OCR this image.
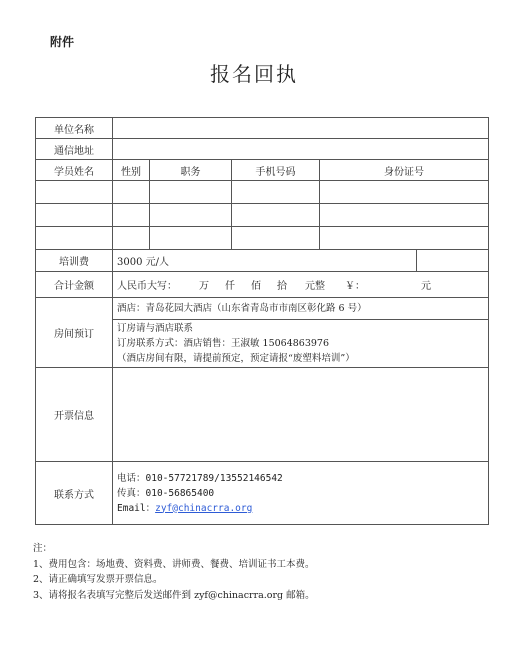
附件
报名回执
单位名称					
通信地址					
学员姓名	性别	职务	手机号码	身份证号	

培训费	3000 元/人				
合计金额	人民币大写： 万 仟 佰 拾 元整 ￥： 元				

房间预订	酒店：青岛花园大酒店（山东省青岛市市南区彰化路 6 号）				

	订房请与酒店联系
订房联系方式：酒店销售：王淑敏 15064863976
（酒店房间有限，请提前预定，预定请报“废塑料培训”）				

开票信息					
联系方式	电话：010-57721789/13552146542
传真：010-56865400
Email：zyf@chinacrra.org				
注：
1、费用包含：场地费、资料费、讲师费、餐费、培训证书工本费。
2、请正确填写发票开票信息。
3、请将报名表填写完整后发送邮件到 zyf@chinacrra.org 邮箱。
